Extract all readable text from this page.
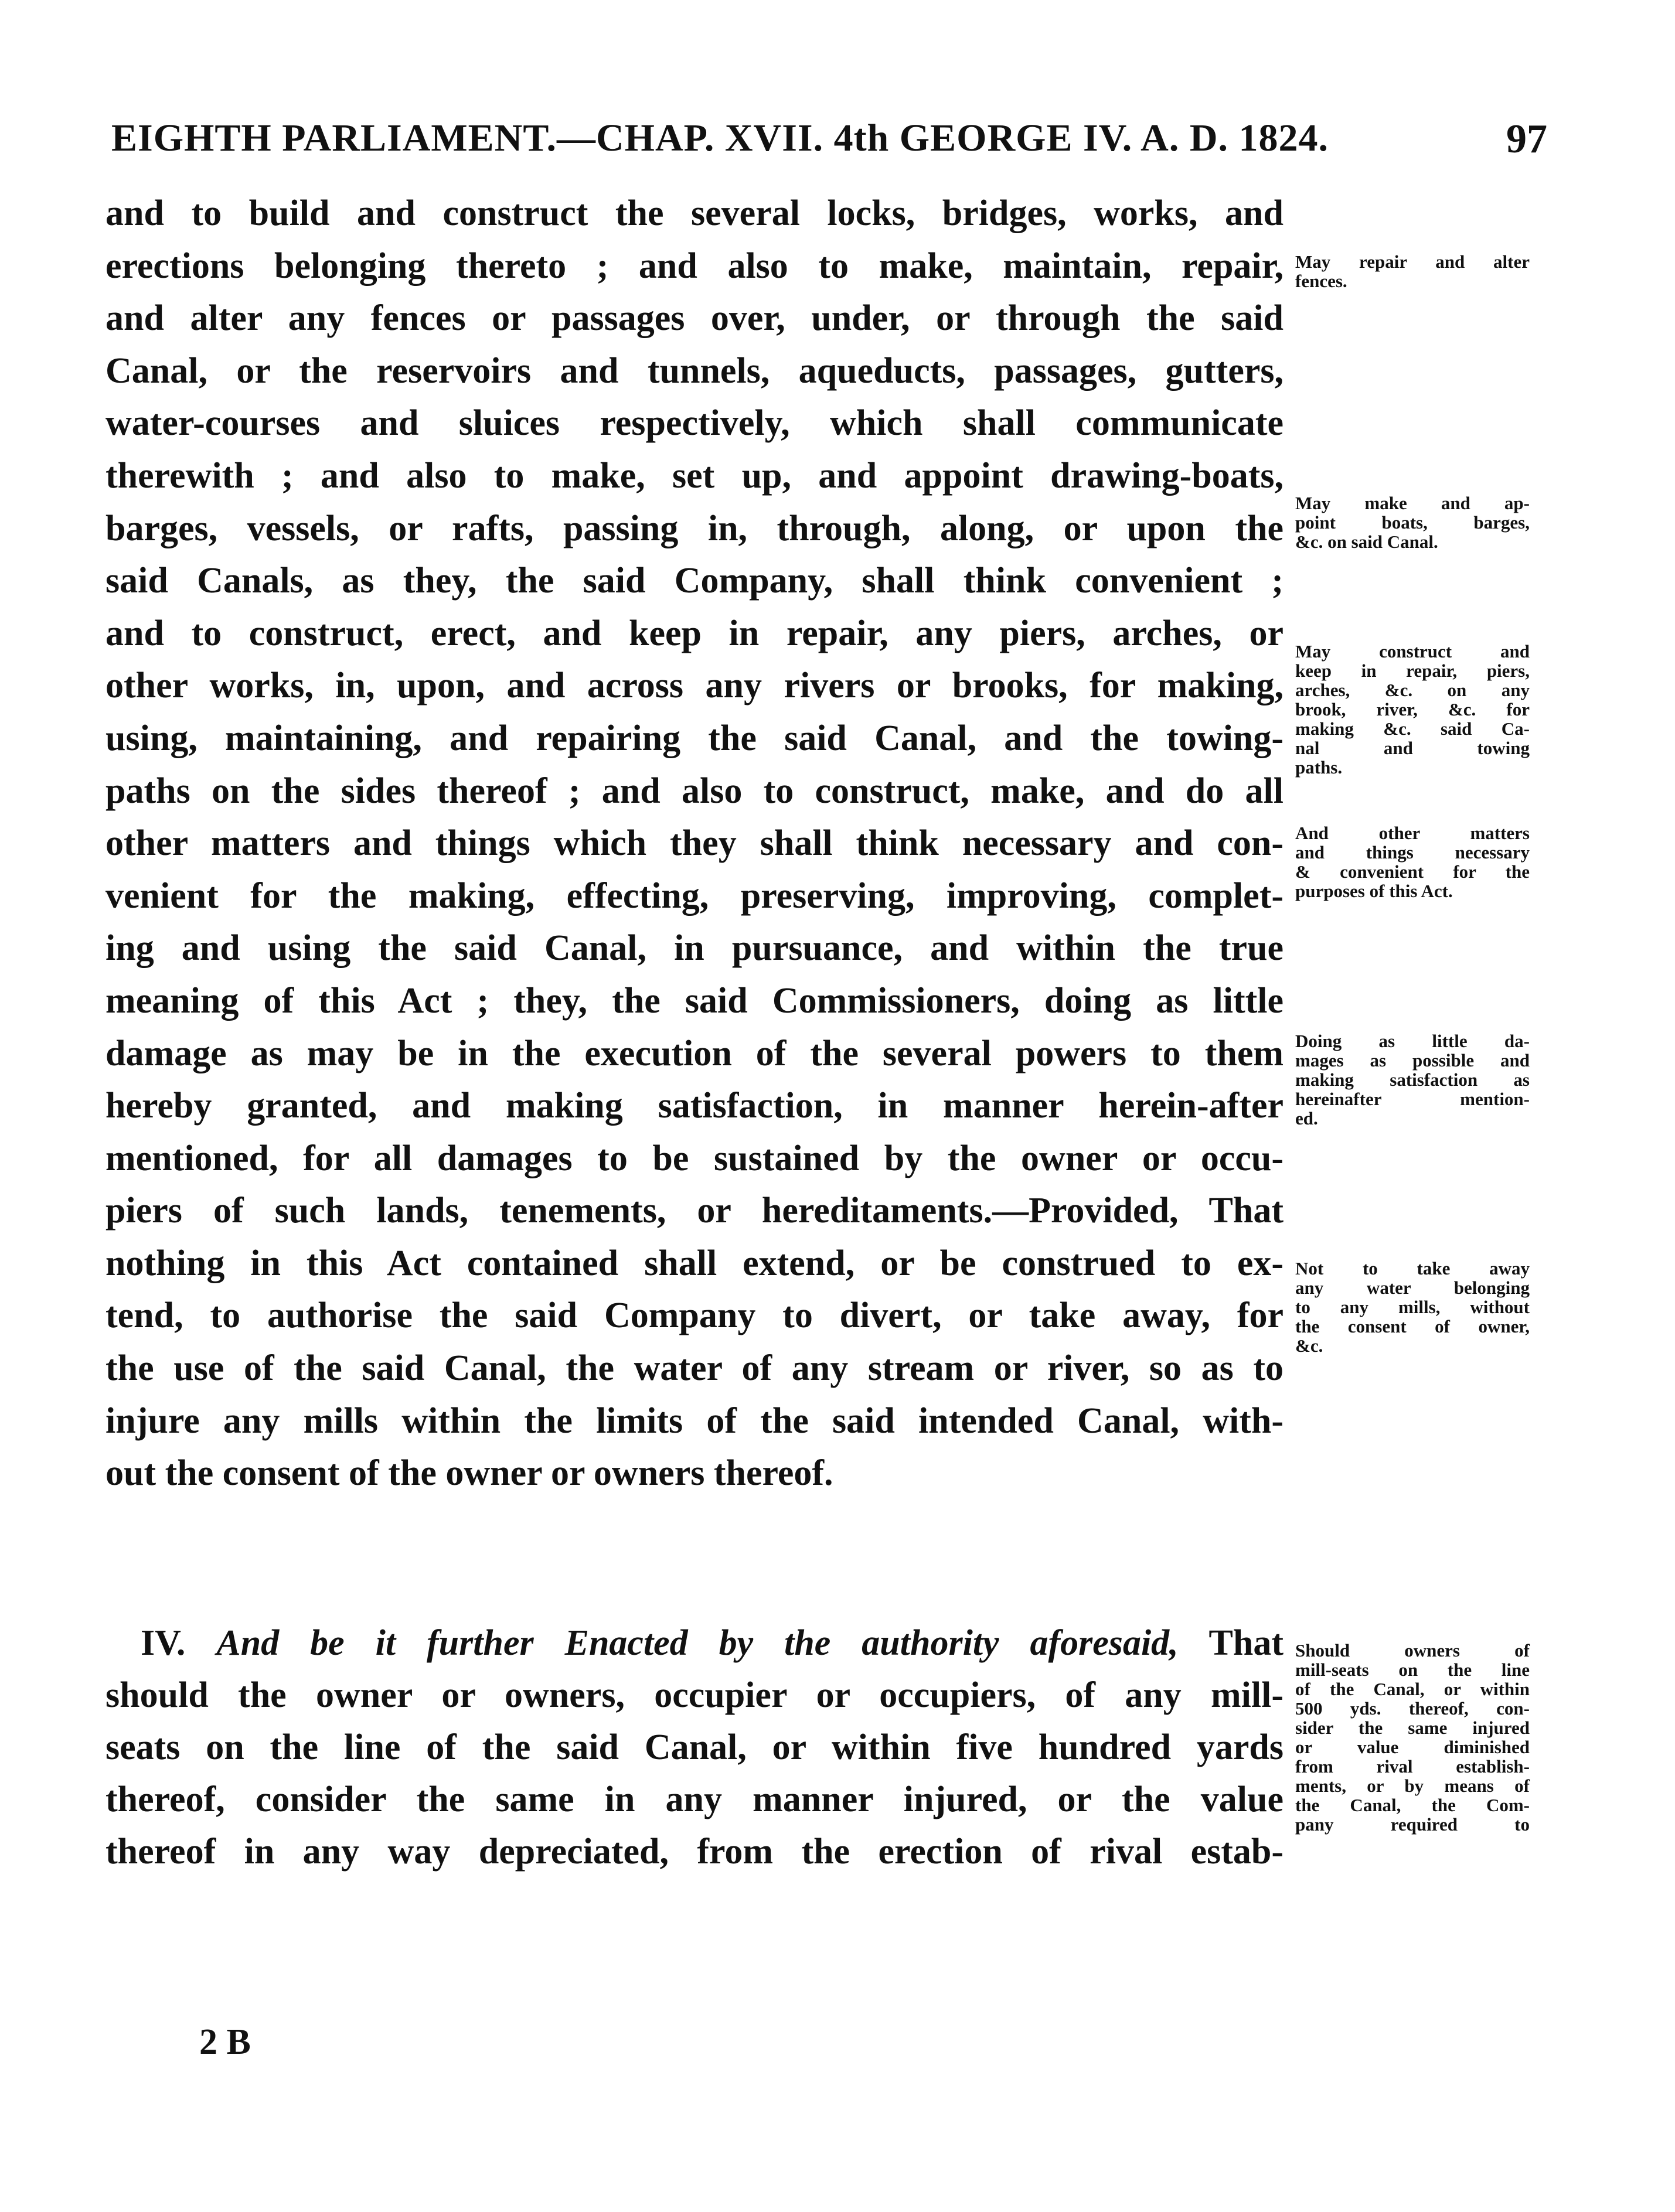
EIGHTH PARLIAMENT.—CHAP. XVII. 4th GEORGE IV. A. D. 1824.	97
and to build and construct the several locks, bridges, works, and
erections belonging thereto ; and also to make, maintain, repair,
and alter any fences or passages over, under, or through the said
Canal, or the reservoirs and tunnels, aqueducts, passages, gutters,
water-courses and sluices respectively, which shall communicate
therewith ; and also to make, set up, and appoint drawing-boats,
barges, vessels, or rafts, passing in, through, along, or upon the
said Canals, as they, the said Company, shall think convenient ;
and to construct, erect, and keep in repair, any piers, arches, or
other works, in, upon, and across any rivers or brooks, for making,
using, maintaining, and repairing the said Canal, and the towing-
paths on the sides thereof ; and also to construct, make, and do all
other matters and things which they shall think necessary and con-
venient for the making, effecting, preserving, improving, complet-
ing and using the said Canal, in pursuance, and within the true
meaning of this Act ; they, the said Commissioners, doing as little
damage as may be in the execution of the several powers to them
hereby granted, and making satisfaction, in manner herein-after
mentioned, for all damages to be sustained by the owner or occu-
piers of such lands, tenements, or hereditaments.—Provided, That
nothing in this Act contained shall extend, or be construed to ex-
tend, to authorise the said Company to divert, or take away, for
the use of the said Canal, the water of any stream or river, so as to
injure any mills within the limits of the said intended Canal, with-
out the consent of the owner or owners thereof.
IV. And be it further Enacted by the authority aforesaid, That
should the owner or owners, occupier or occupiers, of any mill-
seats on the line of the said Canal, or within five hundred yards
thereof, consider the same in any manner injured, or the value
thereof in any way depreciated, from the erection of rival estab-
May repair and alter
fences.
May make and ap-
point boats, barges,
&c. on said Canal.
May construct and
keep in repair, piers,
arches, &c. on any
brook, river, &c. for
making &c. said Ca-
nal and towing
paths.
And other matters
and things necessary
& convenient for the
purposes of this Act.
Doing as little da-
mages as possible and
making satisfaction as
hereinafter mention-
ed.
Not to take away
any water belonging
to any mills, without
the consent of owner,
&c.
Should owners of
mill-seats on the line
of the Canal, or within
500 yds. thereof, con-
sider the same injured
or value diminished
from rival establish-
ments, or by means of
the Canal, the Com-
pany required to
2 B
